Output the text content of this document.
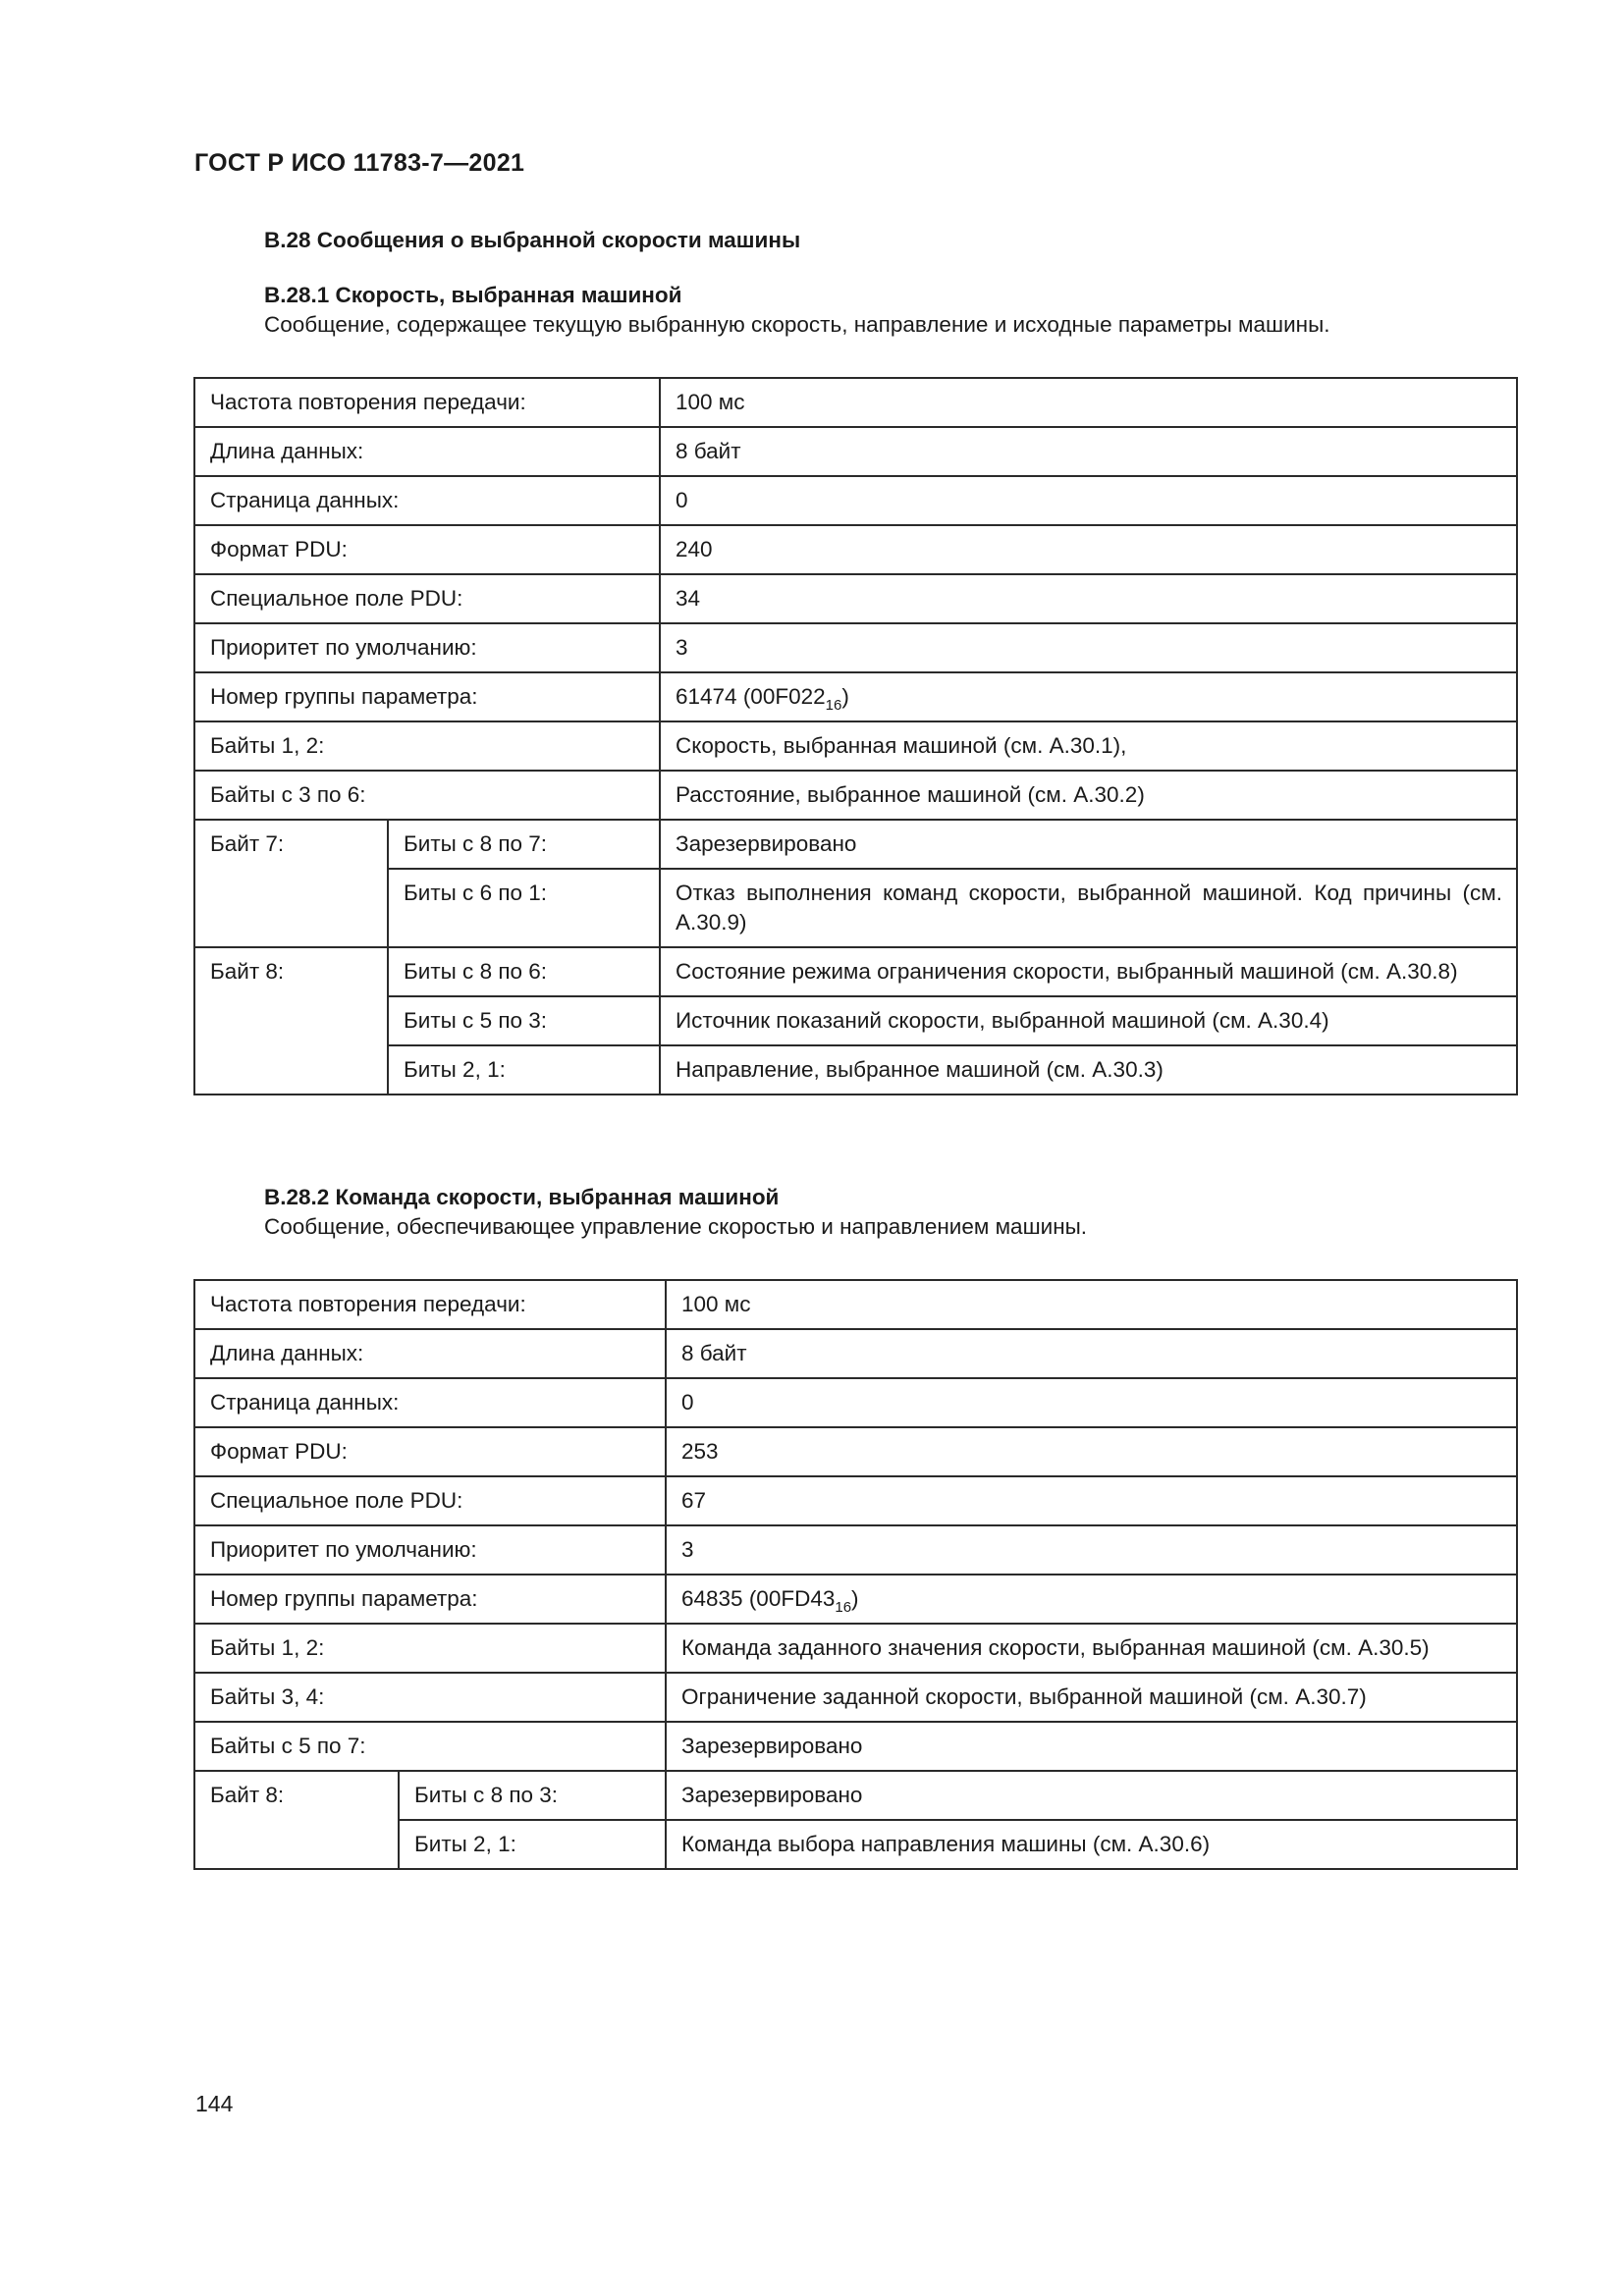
ГОСТ Р ИСО 11783-7—2021
B.28 Сообщения о выбранной скорости машины
B.28.1 Скорость, выбранная машиной
Сообщение, содержащее текущую выбранную скорость, направление и исходные параметры машины.
Частота повторения передачи:		100 мс
Длина данных:		8 байт
Страница данных:		0
Формат PDU:		240
Специальное поле PDU:		34
Приоритет по умолчанию:		3
Номер группы параметра:		61474 $(00F022_{16})$
Байты 1, 2:		Скорость, выбранная машиной (см. А.30.1),
Байты с 3 по 6:		Расстояние, выбранное машиной (см. А.30.2)
Байт 7:	Биты с 8 по 7:	Зарезервировано
	Биты с 6 по 1:	Отказ выполнения команд скорости, выбранной машиной. Код причины (см. А.30.9)
Байт 8:	Биты с 8 по 6:	Состояние режима ограничения скорости, выбранный машиной (см. А.30.8)
	Биты с 5 по 3:	Источник показаний скорости, выбранной машиной (см. А.30.4)
	Биты 2, 1:	Направление, выбранное машиной (см. А.30.3)
B.28.2 Команда скорости, выбранная машиной
Сообщение, обеспечивающее управление скоростью и направлением машины.
Частота повторения передачи:		100 мс
Длина данных:		8 байт
Страница данных:		0
Формат PDU:		253
Специальное поле PDU:		67
Приоритет по умолчанию:		3
Номер группы параметра:		64835 $(00FD43_{16})$
Байты 1, 2:		Команда заданного значения скорости, выбранная машиной (см. А.30.5)
Байты 3, 4:		Ограничение заданной скорости, выбранной машиной (см. А.30.7)
Байты с 5 по 7:		Зарезервировано
Байт 8:	Биты с 8 по 3:	Зарезервировано
	Биты 2, 1:	Команда выбора направления машины (см. А.30.6)
144
